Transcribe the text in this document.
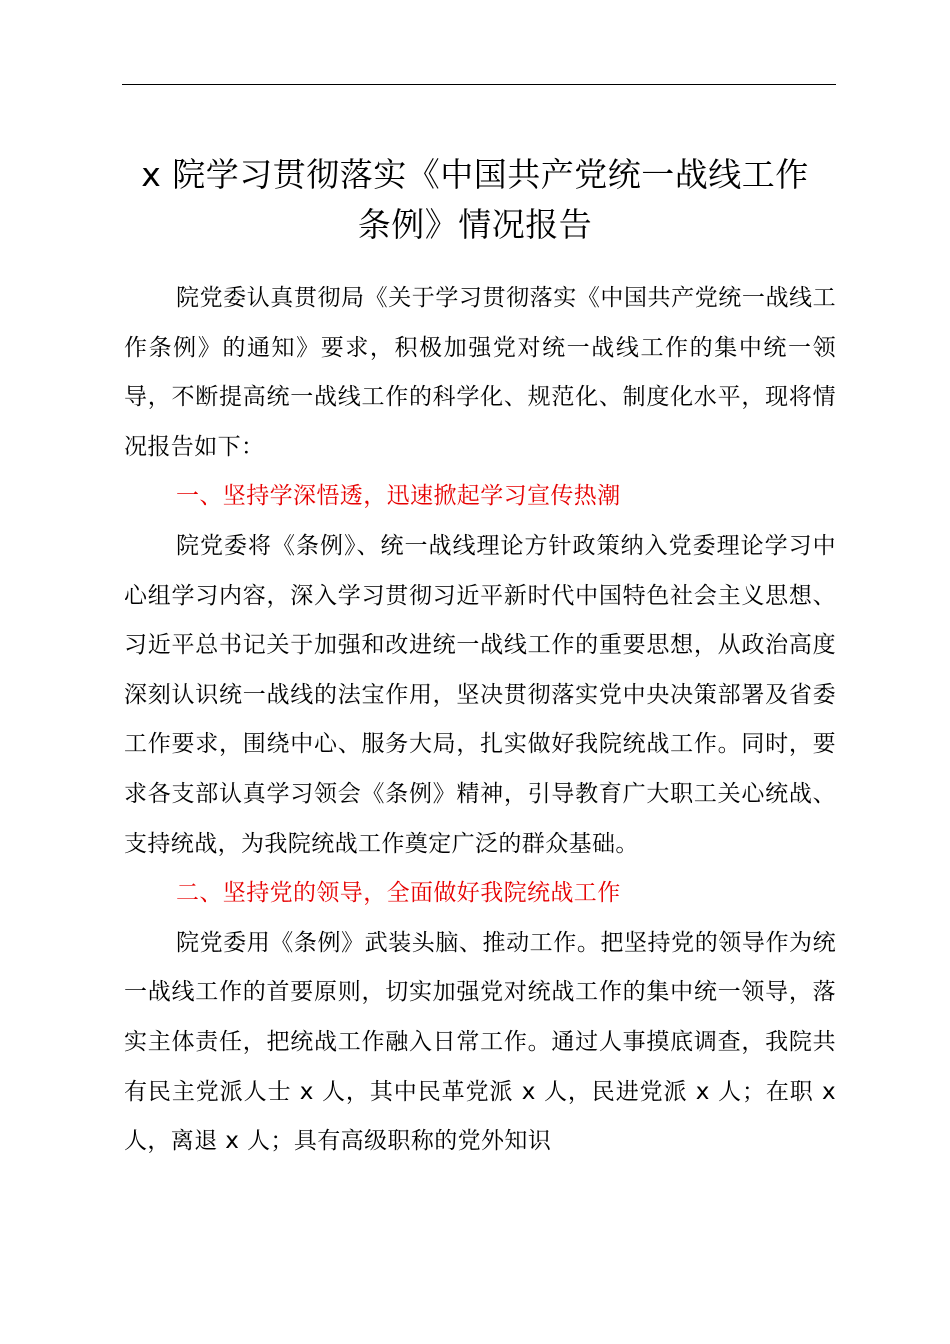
x 院学习贯彻落实《中国共产党统一战线工作
条例》情况报告

院党委认真贯彻局《关于学习贯彻落实《中国共产党统一战线工作条例》的通知》要求，积极加强党对统一战线工作的集中统一领导，不断提高统一战线工作的科学化、规范化、制度化水平，现将情况报告如下：

一、坚持学深悟透，迅速掀起学习宣传热潮

院党委将《条例》、统一战线理论方针政策纳入党委理论学习中心组学习内容，深入学习贯彻习近平新时代中国特色社会主义思想、习近平总书记关于加强和改进统一战线工作的重要思想，从政治高度深刻认识统一战线的法宝作用，坚决贯彻落实党中央决策部署及省委工作要求，围绕中心、服务大局，扎实做好我院统战工作。同时，要求各支部认真学习领会《条例》精神，引导教育广大职工关心统战、支持统战，为我院统战工作奠定广泛的群众基础。

二、坚持党的领导，全面做好我院统战工作

院党委用《条例》武装头脑、推动工作。把坚持党的领导作为统一战线工作的首要原则，切实加强党对统战工作的集中统一领导，落实主体责任，把统战工作融入日常工作。通过人事摸底调查，我院共有民主党派人士 x 人，其中民革党派 x 人，民进党派 x 人；在职 x 人，离退 x 人；具有高级职称的党外知识
